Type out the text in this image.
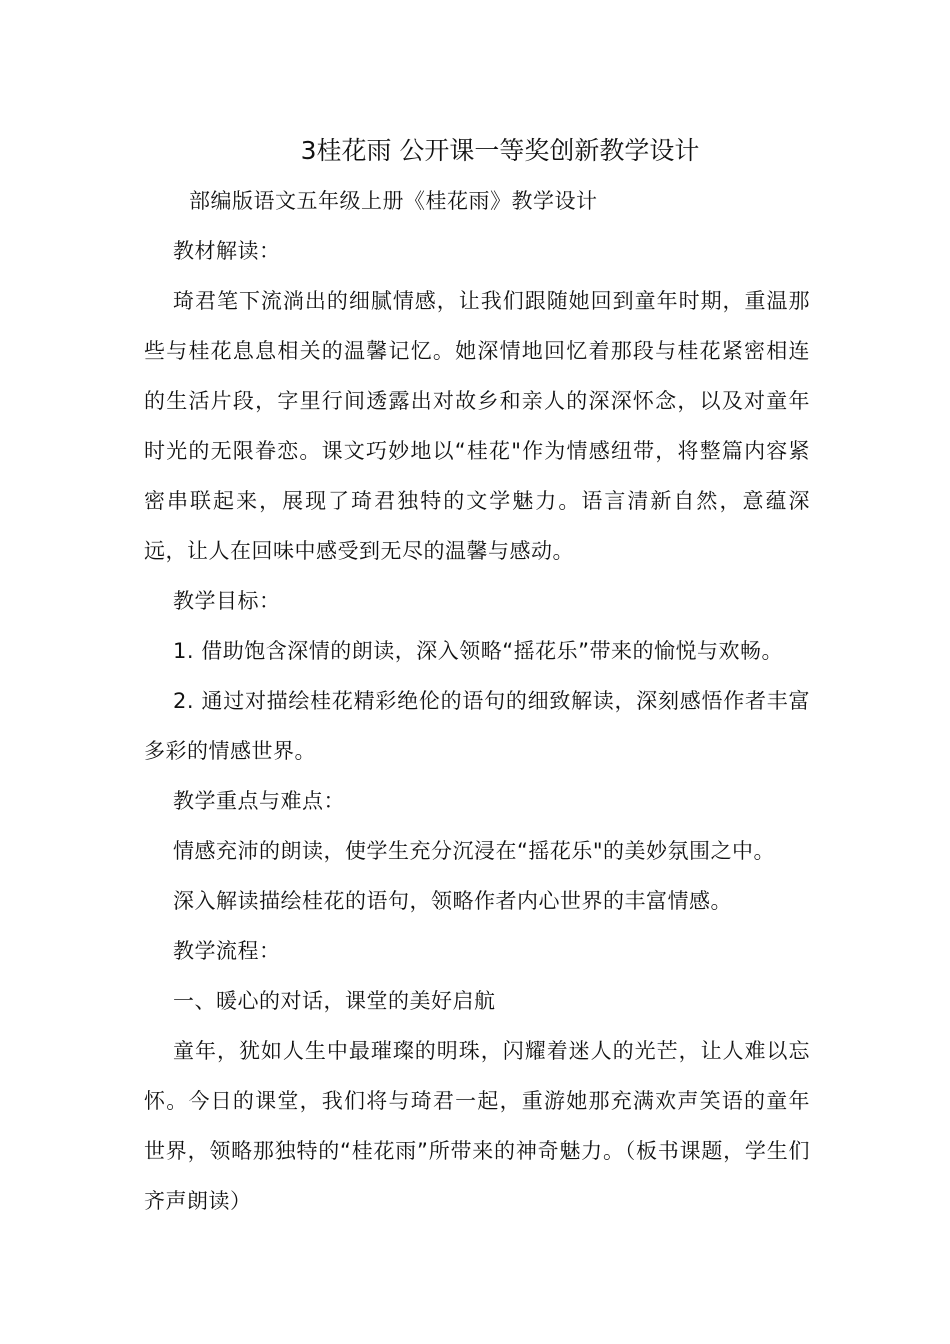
3桂花雨 公开课一等奖创新教学设计

部编版语文五年级上册《桂花雨》教学设计

教材解读：

琦君笔下流淌出的细腻情感，让我们跟随她回到童年时期，重温那些与桂花息息相关的温馨记忆。她深情地回忆着那段与桂花紧密相连的生活片段，字里行间透露出对故乡和亲人的深深怀念，以及对童年时光的无限眷恋。课文巧妙地以“桂花"作为情感纽带，将整篇内容紧密串联起来，展现了琦君独特的文学魅力。语言清新自然，意蕴深远，让人在回味中感受到无尽的温馨与感动。

教学目标：

1. 借助饱含深情的朗读，深入领略“摇花乐”带来的愉悦与欢畅。

2. 通过对描绘桂花精彩绝伦的语句的细致解读，深刻感悟作者丰富多彩的情感世界。

教学重点与难点：

情感充沛的朗读，使学生充分沉浸在“摇花乐"的美妙氛围之中。

深入解读描绘桂花的语句，领略作者内心世界的丰富情感。

教学流程：

一、暖心的对话，课堂的美好启航

童年，犹如人生中最璀璨的明珠，闪耀着迷人的光芒，让人难以忘怀。今日的课堂，我们将与琦君一起，重游她那充满欢声笑语的童年世界，领略那独特的“桂花雨”所带来的神奇魅力。（板书课题，学生们齐声朗读）
